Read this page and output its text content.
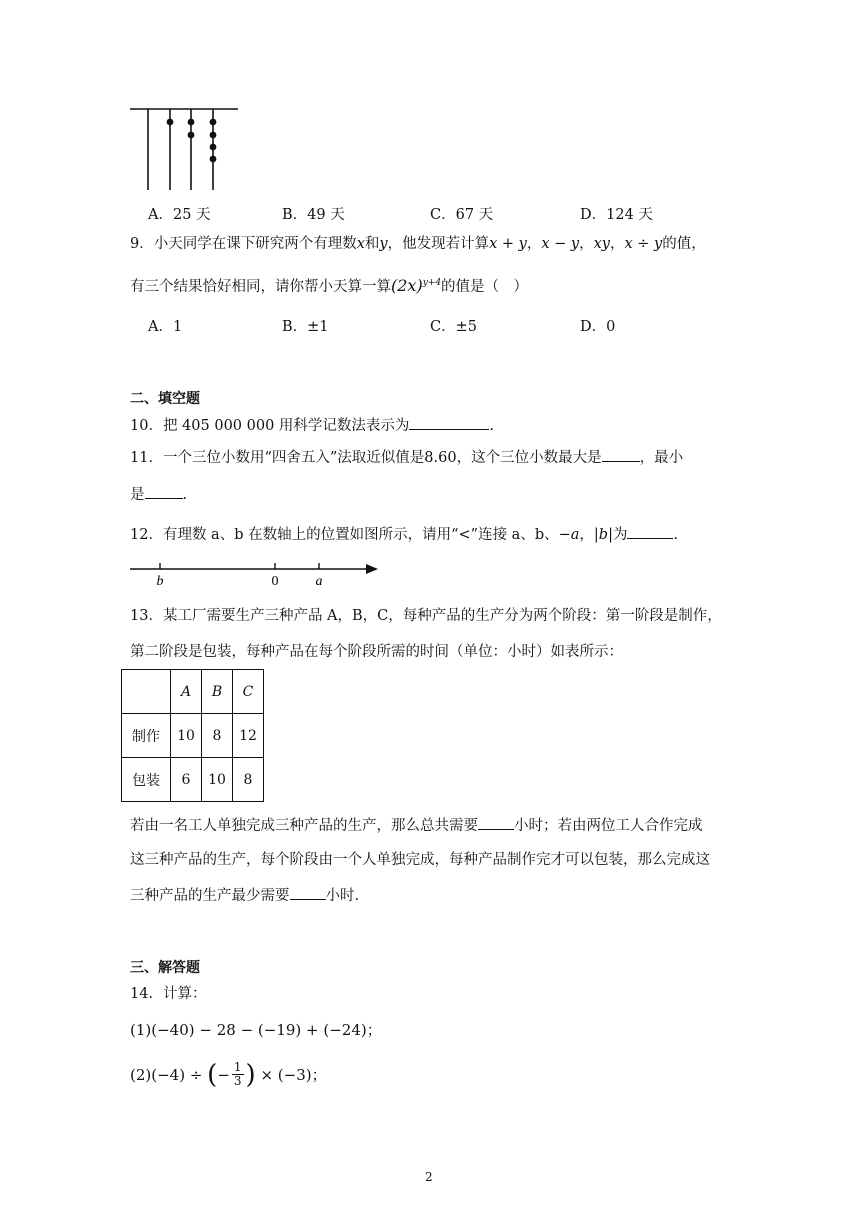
A．25 天	B．49 天	C．67 天	D．124 天
9．小天同学在课下研究两个有理数x和y，他发现若计算x + y，x − y，xy，x ÷ y的值，
有三个结果恰好相同，请你帮小天算一算$(2x)^{y+4}$的值是（　）
A．1	B．±1	C．±5	D．0
二、填空题
10．把 405 000 000 用科学记数法表示为	.
11．一个三位小数用“四舍五入”法取近似值是8.60，这个三位小数最大是	，最小
是	.
12．有理数 a、b 在数轴上的位置如图所示，请用“<”连接 a、b、−a，|b|为	.
b	0	a
13．某工厂需要生产三种产品 A，B，C，每种产品的生产分为两个阶段：第一阶段是制作，
第二阶段是包装，每种产品在每个阶段所需的时间（单位：小时）如表所示：
	A	B	C
制作	10	8	12
包装	6	10	8
若由一名工人单独完成三种产品的生产，那么总共需要 小时；若由两位工人合作完成
这三种产品的生产，每个阶段由一个人单独完成，每种产品制作完才可以包装，那么完成这
三种产品的生产最少需要 小时.
三、解答题
14．计算：
(1)(−40) − 28 − (−19) + (−24)；
(2)(−4) ÷ ( − $\frac{1}{3}$ ) × (−3)；
2
